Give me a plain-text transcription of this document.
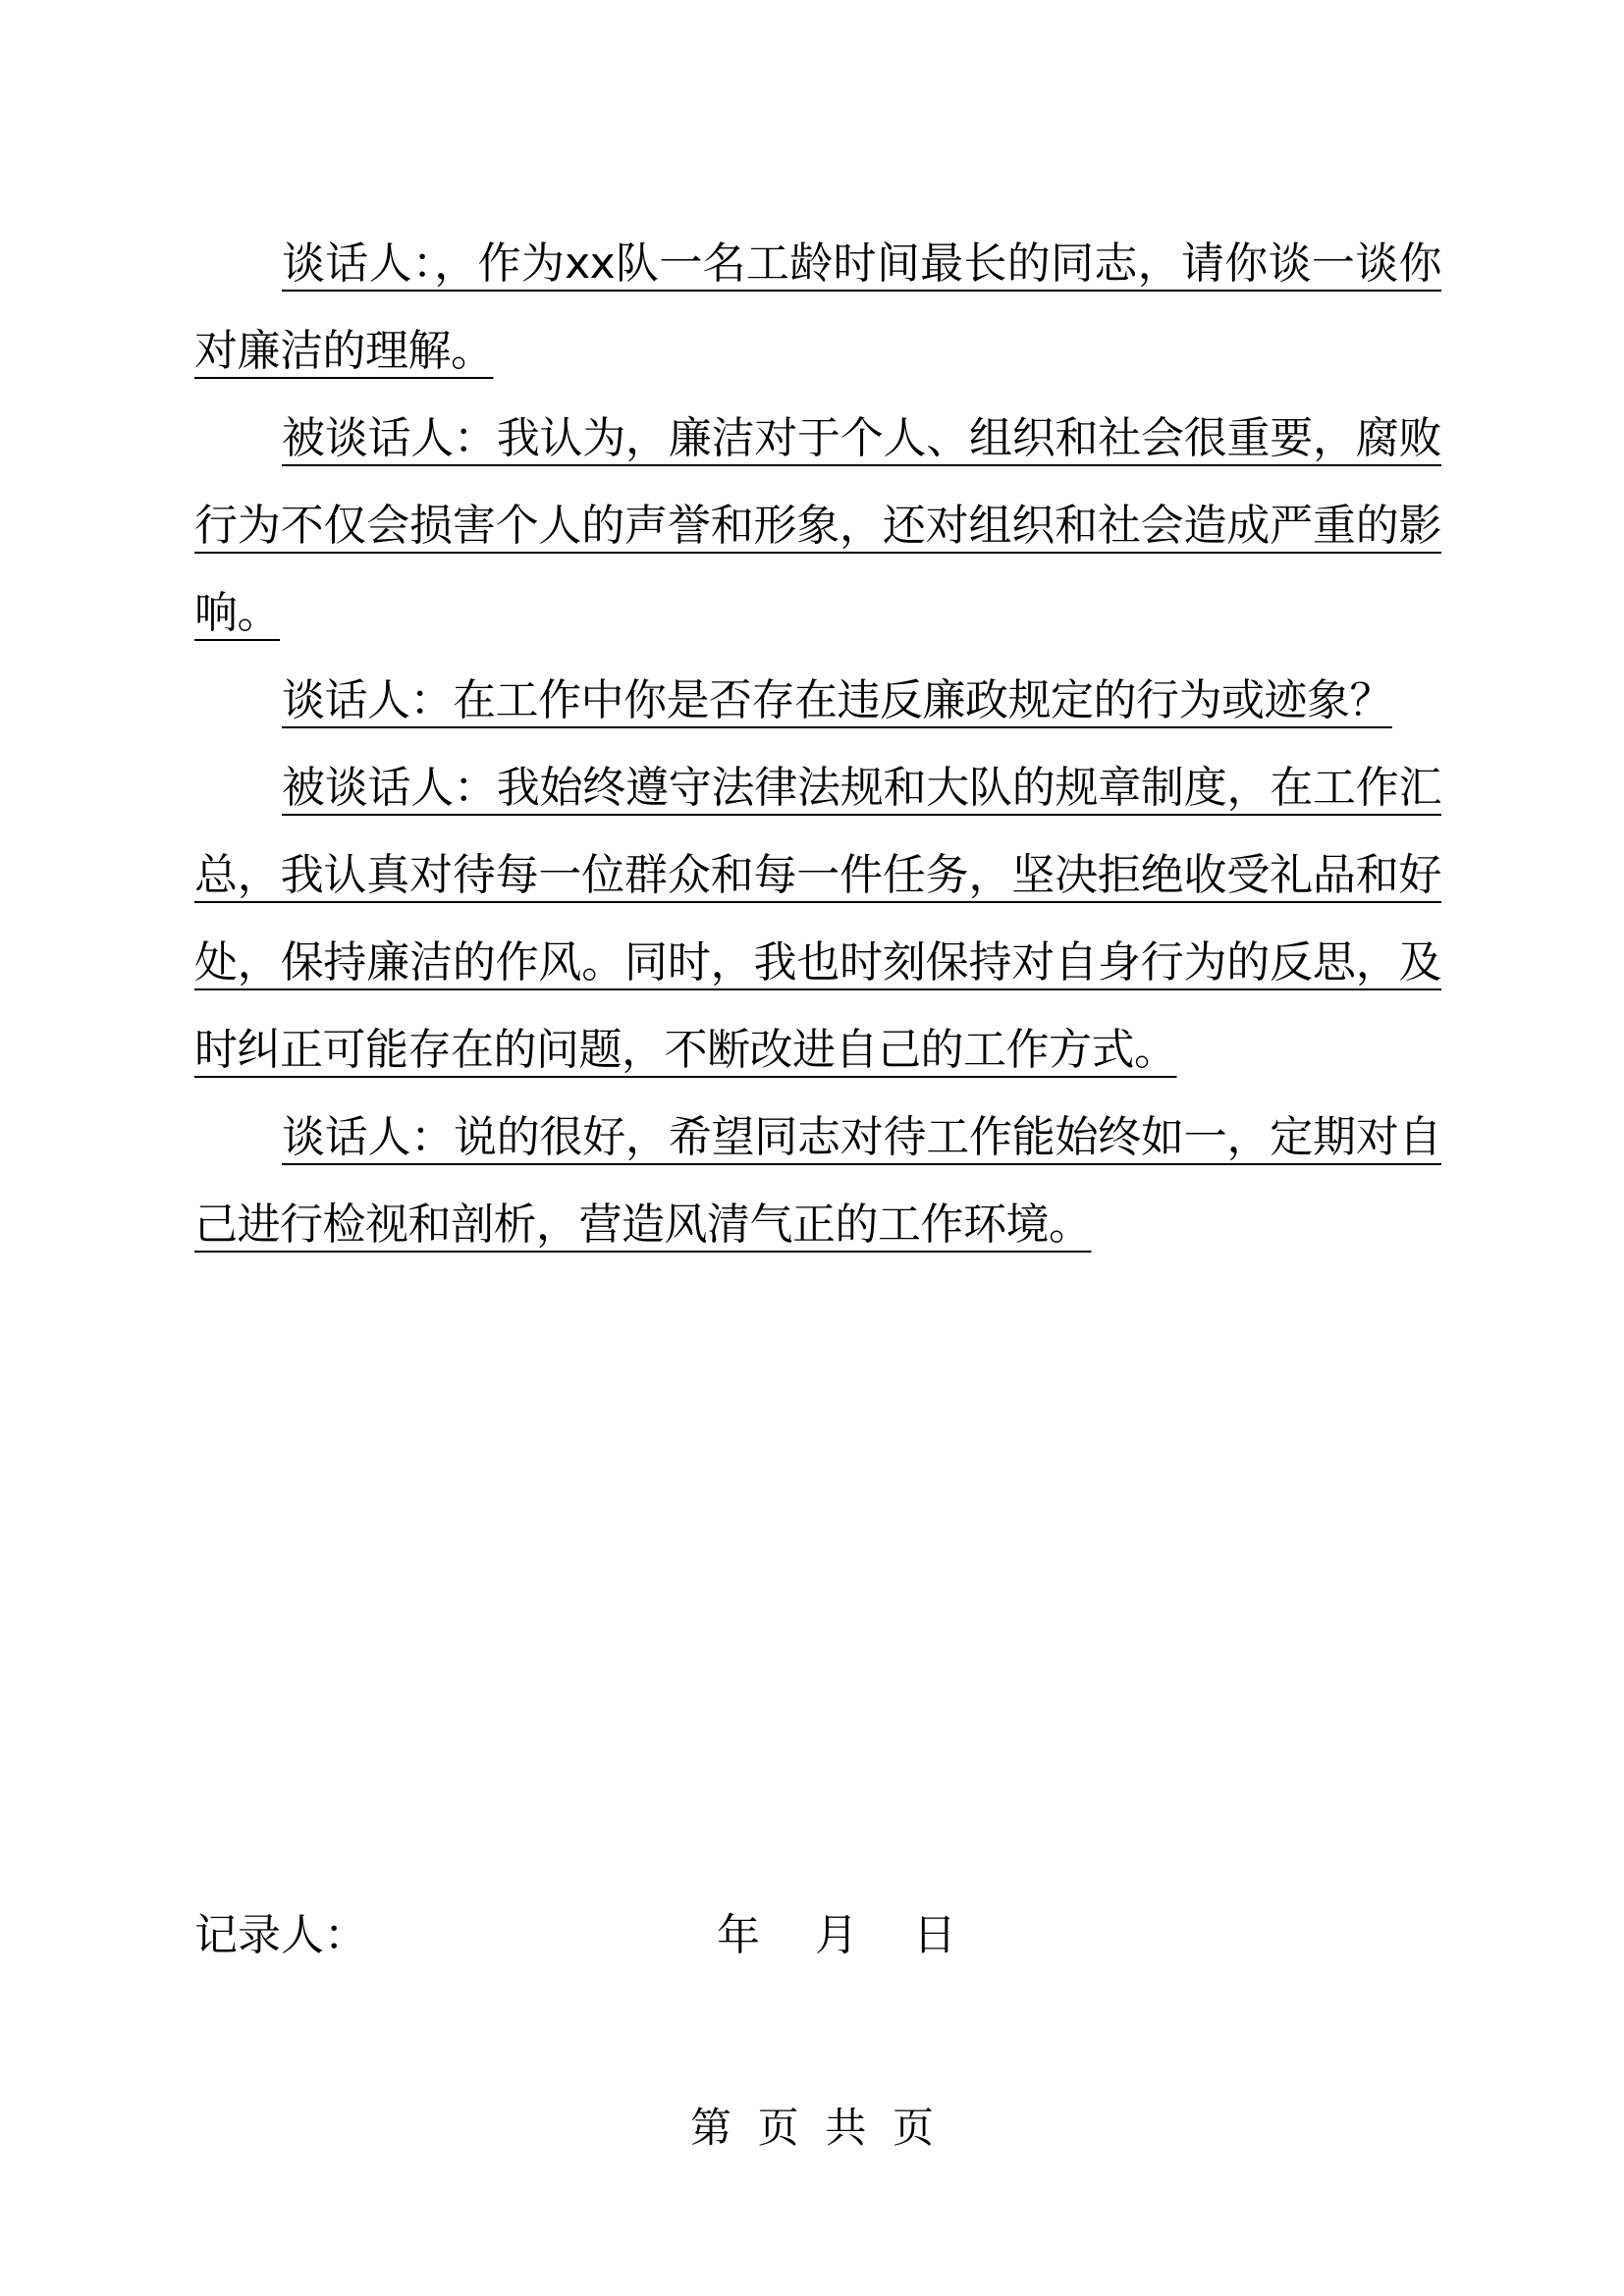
谈话人：，作为xx队一名工龄时间最长的同志，请你谈一谈你对廉洁的理解。

被谈话人：我认为，廉洁对于个人、组织和社会很重要，腐败行为不仅会损害个人的声誉和形象，还对组织和社会造成严重的影响。

谈话人：在工作中你是否存在违反廉政规定的行为或迹象？

被谈话人：我始终遵守法律法规和大队的规章制度，在工作汇总，我认真对待每一位群众和每一件任务，坚决拒绝收受礼品和好处，保持廉洁的作风。同时，我也时刻保持对自身行为的反思，及时纠正可能存在的问题，不断改进自己的工作方式。

谈话人：说的很好，希望同志对待工作能始终如一，定期对自己进行检视和剖析，营造风清气正的工作环境。

记录人：	年  月  日

第  页  共  页
